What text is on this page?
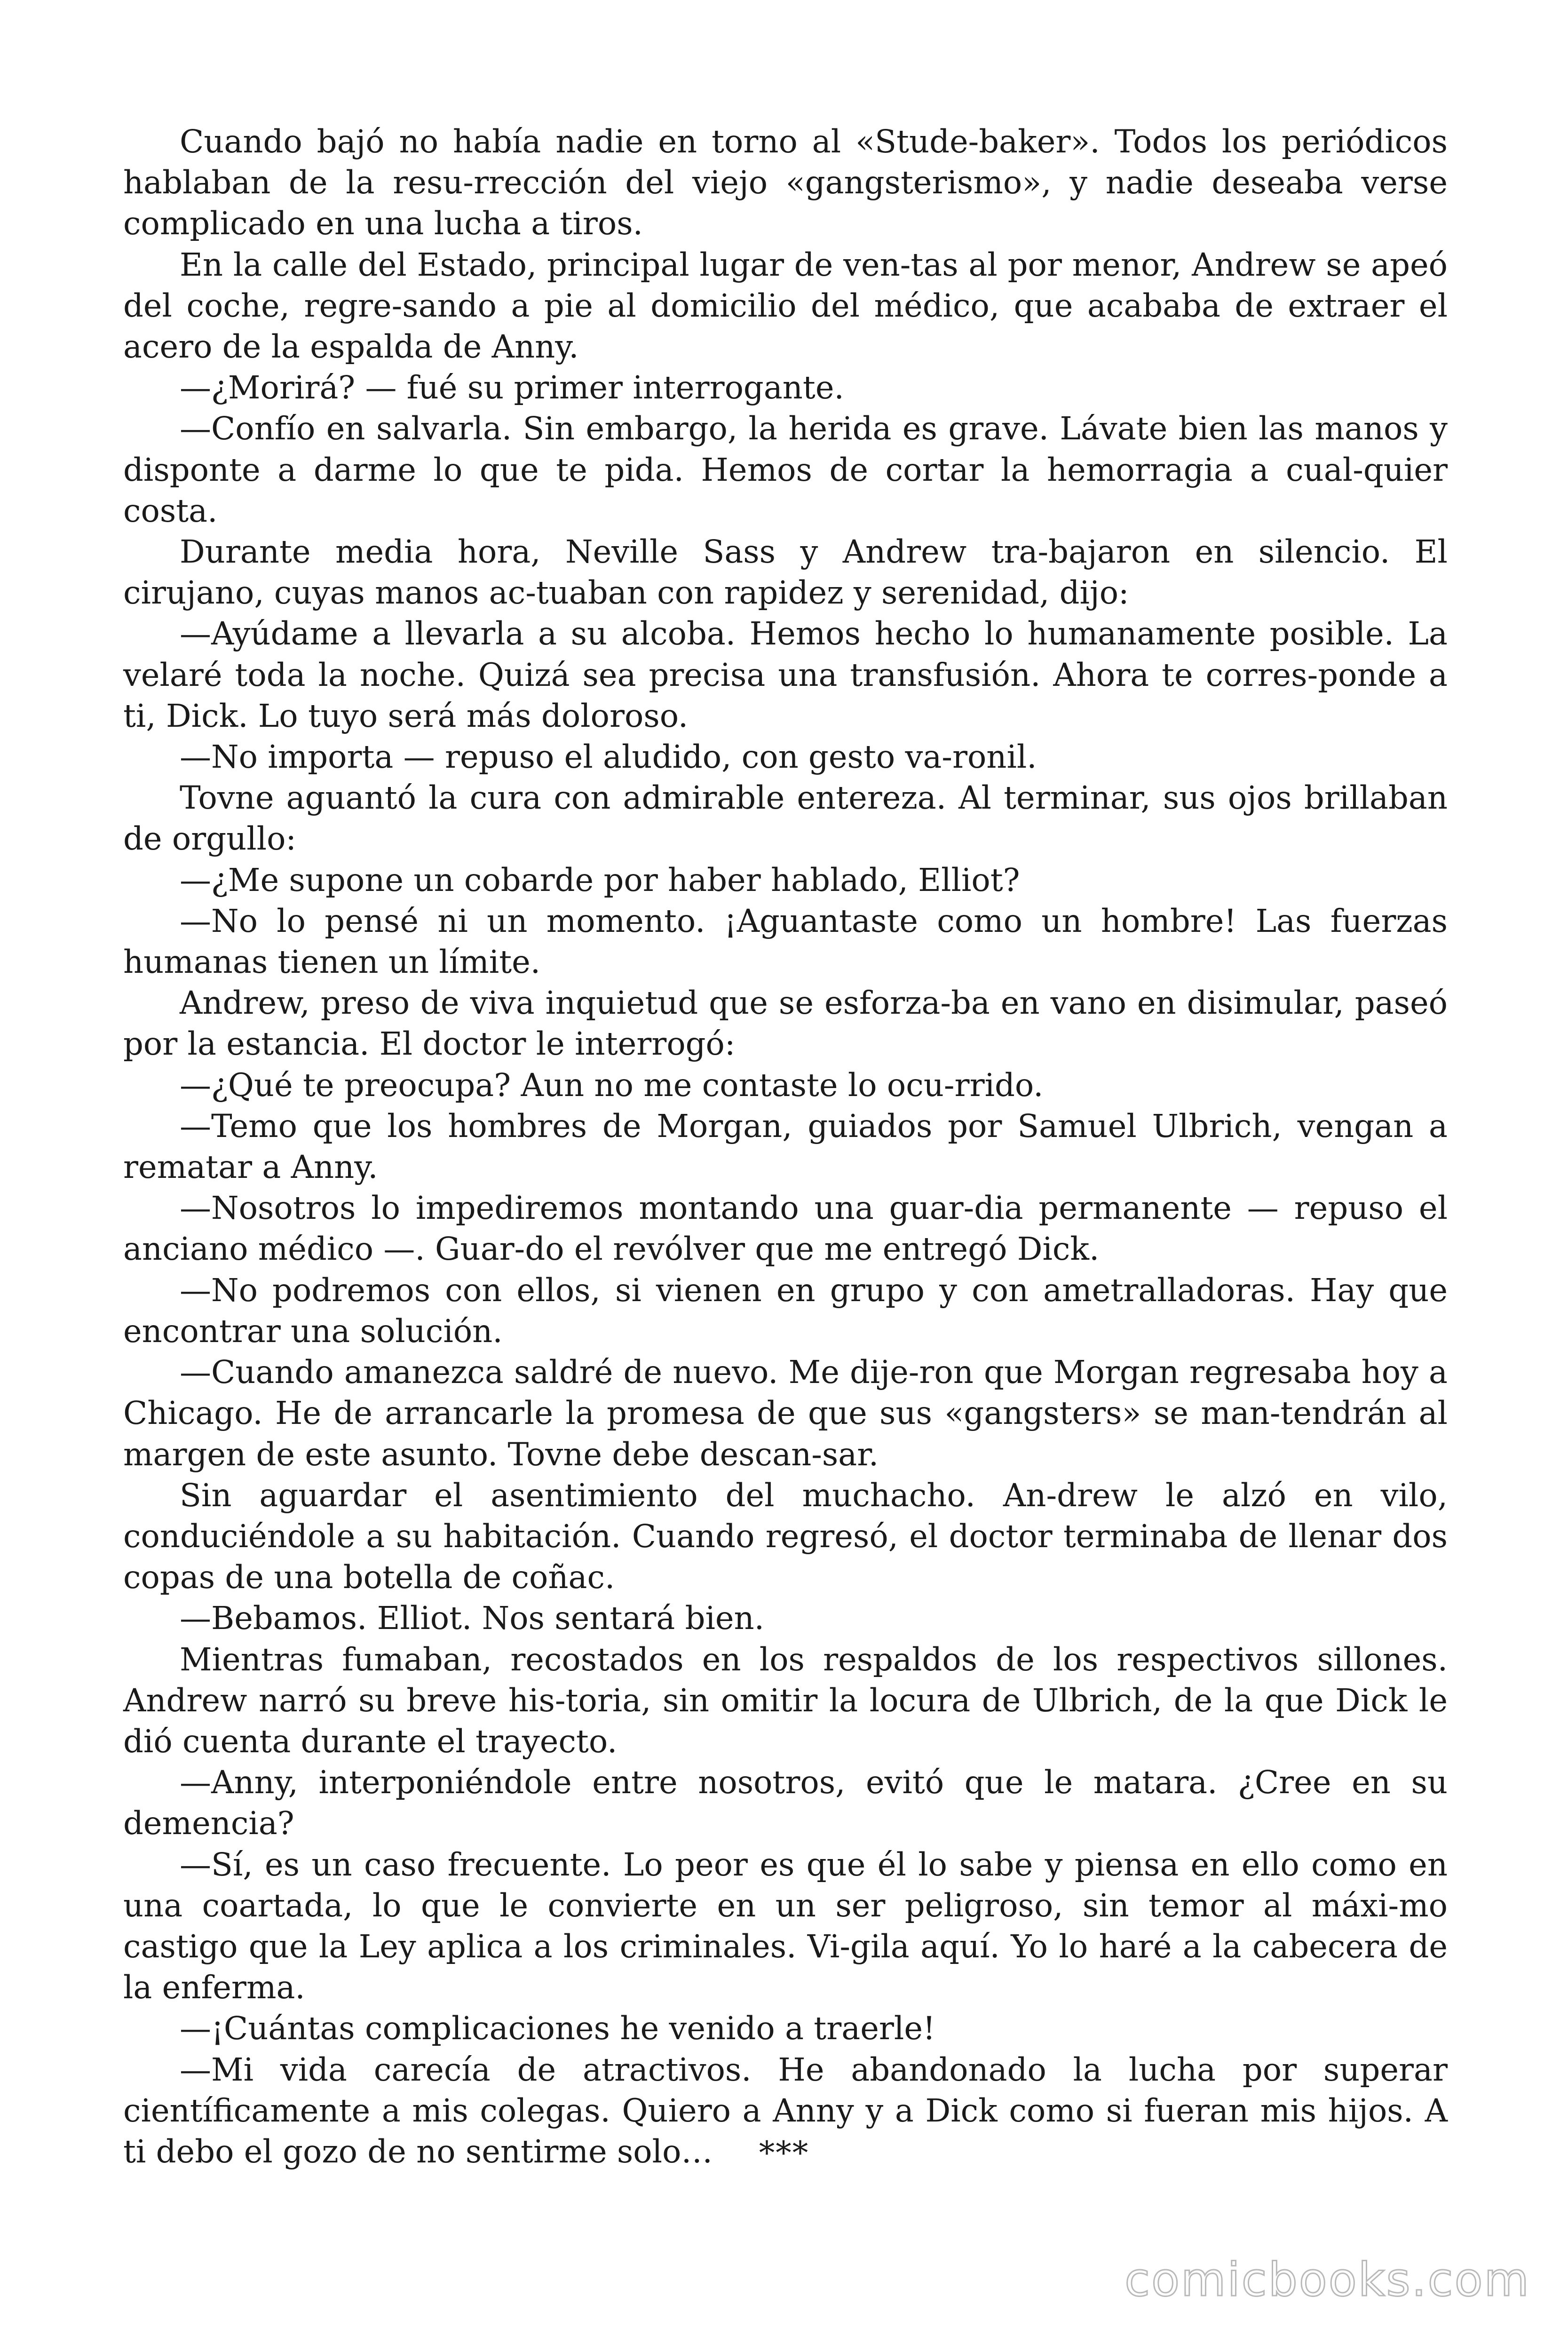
Cuando bajó no había nadie en torno al «Stude-baker». Todos los periódicos hablaban de la resu-rrección del viejo «gangsterismo», y nadie deseaba verse complicado en una lucha a tiros.

En la calle del Estado, principal lugar de ven-tas al por menor, Andrew se apeó del coche, regre-sando a pie al domicilio del médico, que acababa de extraer el acero de la espalda de Anny.

—¿Morirá? — fué su primer interrogante.

—Confío en salvarla. Sin embargo, la herida es grave. Lávate bien las manos y disponte a darme lo que te pida. Hemos de cortar la hemorragia a cual-quier costa.

Durante media hora, Neville Sass y Andrew tra-bajaron en silencio. El cirujano, cuyas manos ac-tuaban con rapidez y serenidad, dijo:

—Ayúdame a llevarla a su alcoba. Hemos hecho lo humanamente posible. La velaré toda la noche. Quizá sea precisa una transfusión. Ahora te corres-ponde a ti, Dick. Lo tuyo será más doloroso.

—No importa — repuso el aludido, con gesto va-ronil.

Tovne aguantó la cura con admirable entereza. Al terminar, sus ojos brillaban de orgullo:

—¿Me supone un cobarde por haber hablado, Elliot?

—No lo pensé ni un momento. ¡Aguantaste como un hombre! Las fuerzas humanas tienen un límite.

Andrew, preso de viva inquietud que se esforza-ba en vano en disimular, paseó por la estancia. El doctor le interrogó:

—¿Qué te preocupa? Aun no me contaste lo ocu-rrido.

—Temo que los hombres de Morgan, guiados por Samuel Ulbrich, vengan a rematar a Anny.

—Nosotros lo impediremos montando una guar-dia permanente — repuso el anciano médico —. Guar-do el revólver que me entregó Dick.

—No podremos con ellos, si vienen en grupo y con ametralladoras. Hay que encontrar una solución.

—Cuando amanezca saldré de nuevo. Me dije-ron que Morgan regresaba hoy a Chicago. He de arrancarle la promesa de que sus «gangsters» se man-tendrán al margen de este asunto. Tovne debe descan-sar.

Sin aguardar el asentimiento del muchacho. An-drew le alzó en vilo, conduciéndole a su habitación. Cuando regresó, el doctor terminaba de llenar dos copas de una botella de coñac.

—Bebamos. Elliot. Nos sentará bien.

Mientras fumaban, recostados en los respaldos de los respectivos sillones. Andrew narró su breve his-toria, sin omitir la locura de Ulbrich, de la que Dick le dió cuenta durante el trayecto.

—Anny, interponiéndole entre nosotros, evitó que le matara. ¿Cree en su demencia?

—Sí, es un caso frecuente. Lo peor es que él lo sabe y piensa en ello como en una coartada, lo que le convierte en un ser peligroso, sin temor al máxi-mo castigo que la Ley aplica a los criminales. Vi-gila aquí. Yo lo haré a la cabecera de la enferma.

—¡Cuántas complicaciones he venido a traerle!

—Mi vida carecía de atractivos. He abandonado la lucha por superar científicamente a mis colegas. Quiero a Anny y a Dick como si fueran mis hijos. A ti debo el gozo de no sentirme solo…	***
comicbooks.com
